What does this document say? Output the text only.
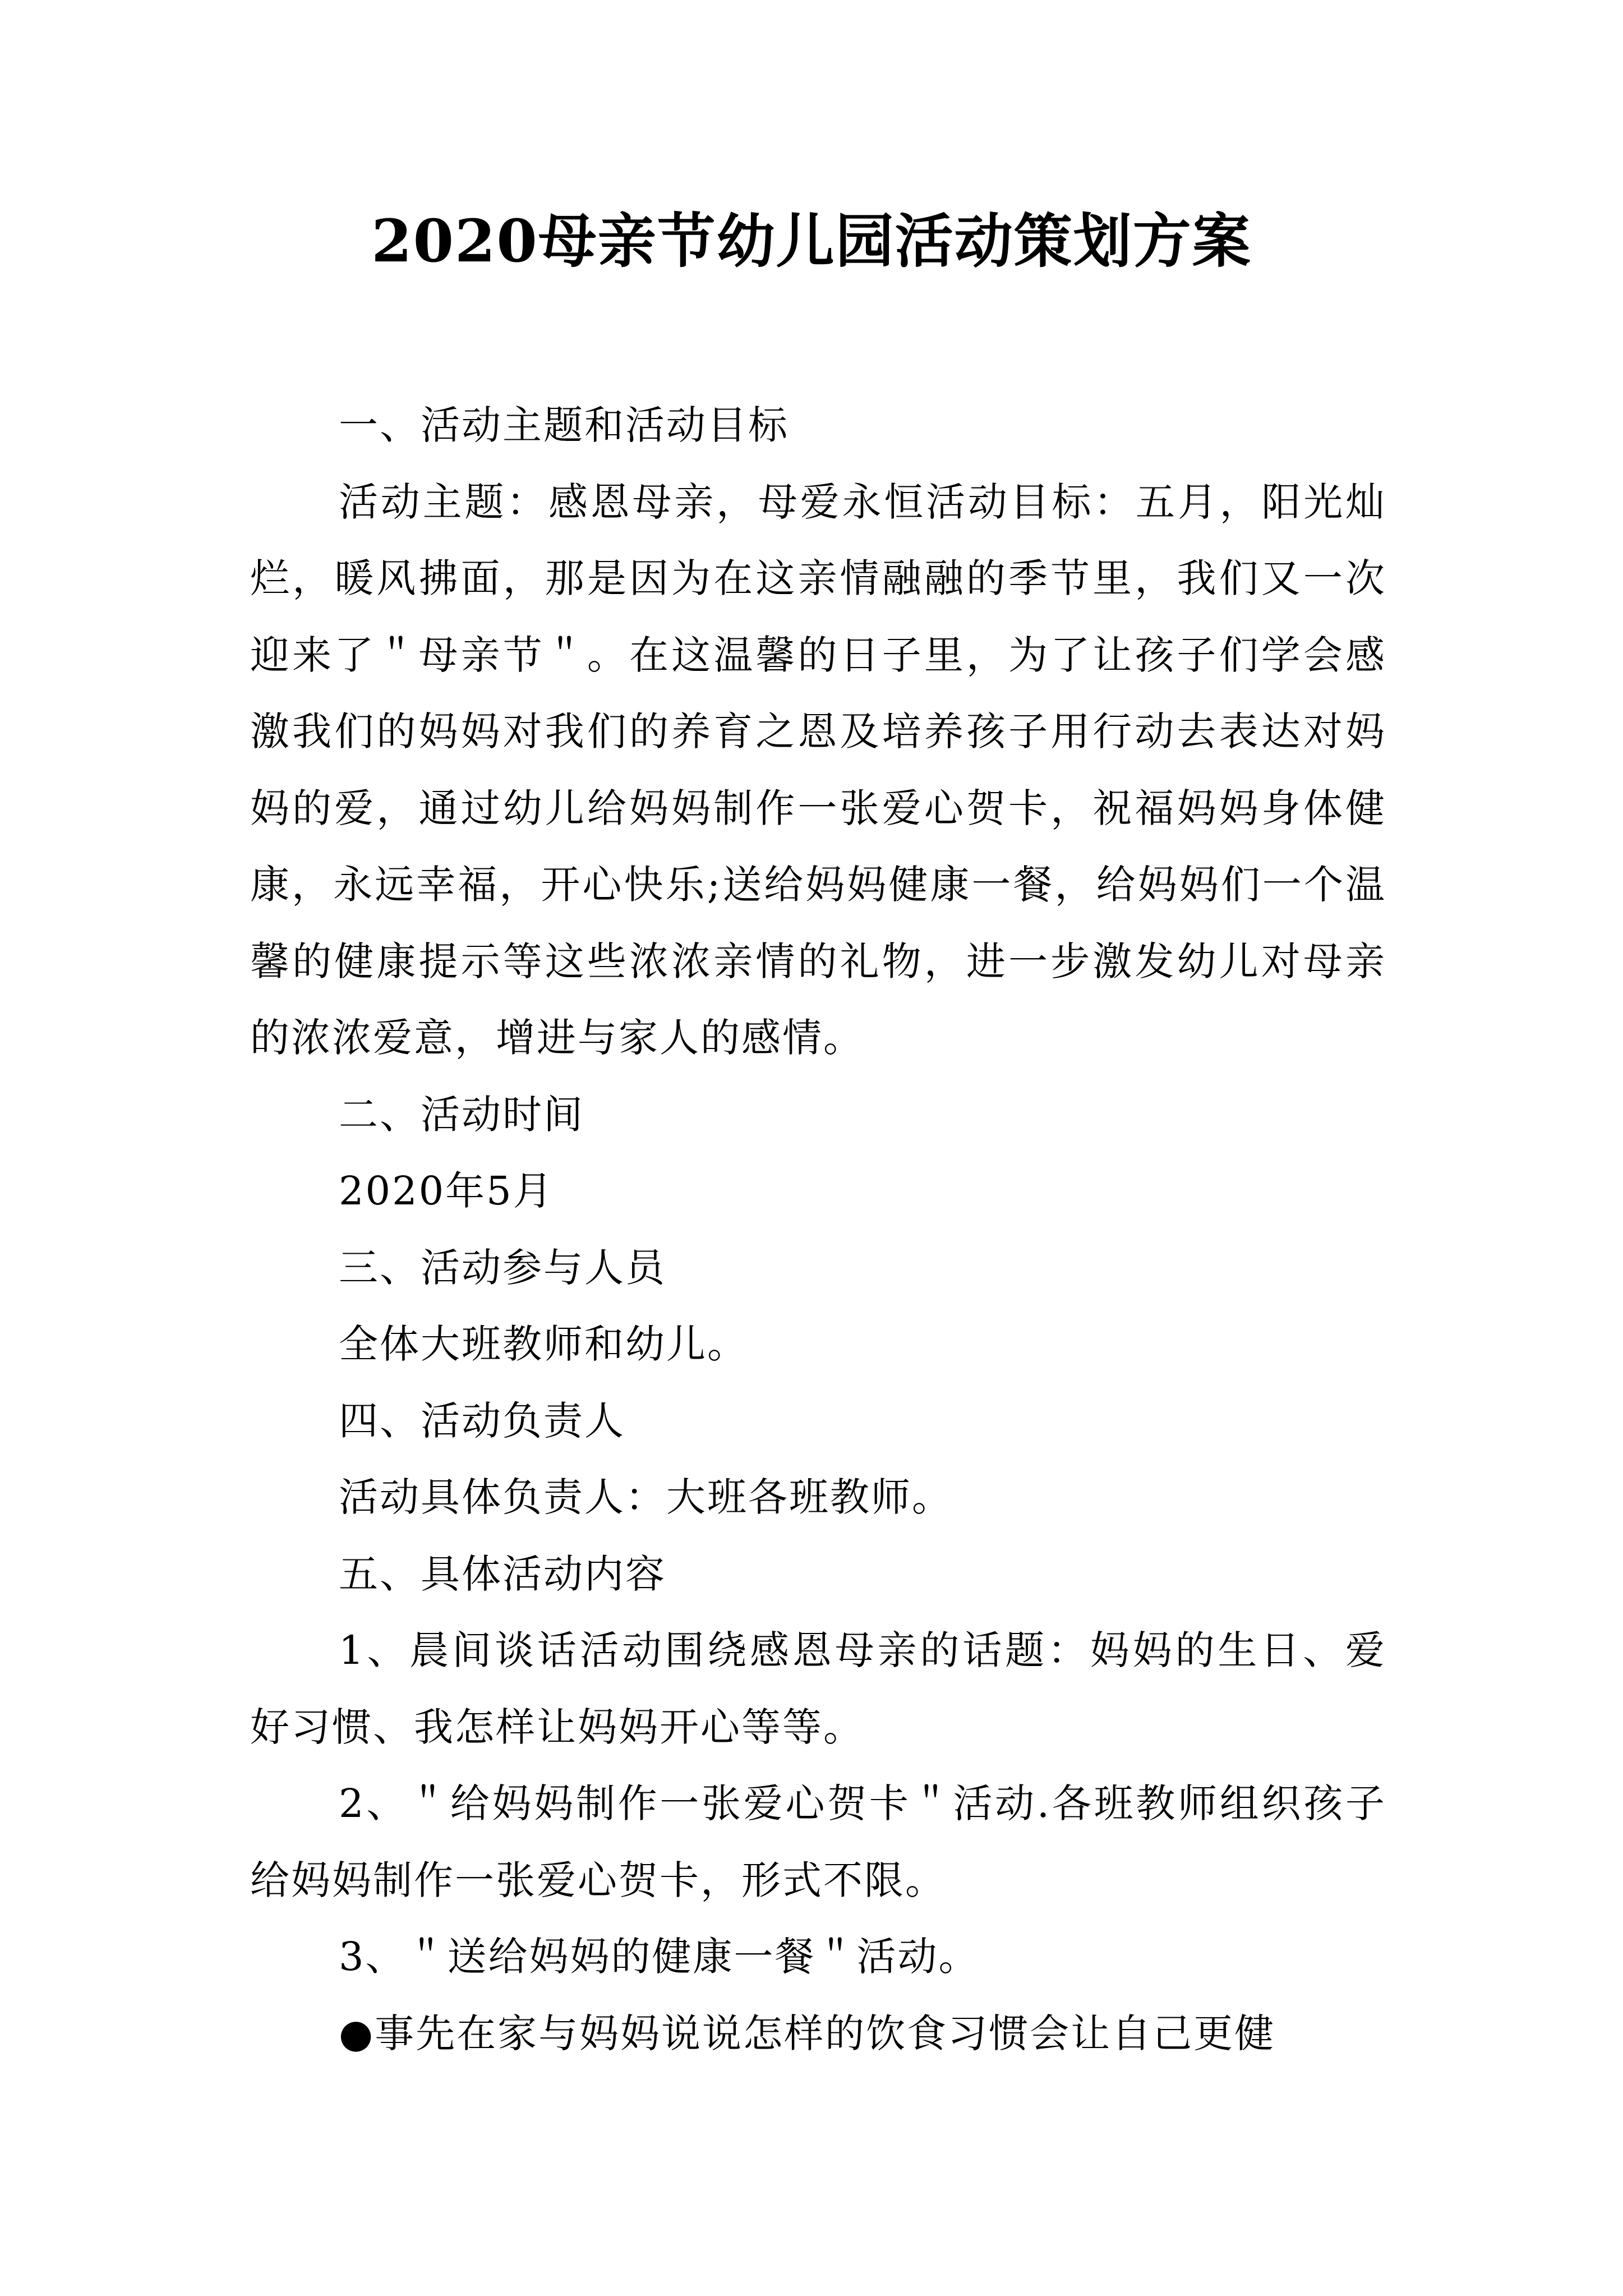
2020母亲节幼儿园活动策划方案

一、活动主题和活动目标

活动主题：感恩母亲，母爱永恒活动目标：五月，阳光灿烂，暖风拂面，那是因为在这亲情融融的季节里，我们又一次迎来了＂母亲节＂。在这温馨的日子里，为了让孩子们学会感激我们的妈妈对我们的养育之恩及培养孩子用行动去表达对妈妈的爱，通过幼儿给妈妈制作一张爱心贺卡，祝福妈妈身体健康，永远幸福，开心快乐;送给妈妈健康一餐，给妈妈们一个温馨的健康提示等这些浓浓亲情的礼物，进一步激发幼儿对母亲的浓浓爱意，增进与家人的感情。

二、活动时间

2020年5月

三、活动参与人员

全体大班教师和幼儿。

四、活动负责人

活动具体负责人：大班各班教师。

五、具体活动内容

1、晨间谈话活动围绕感恩母亲的话题：妈妈的生日、爱好习惯、我怎样让妈妈开心等等。

2、＂给妈妈制作一张爱心贺卡＂活动.各班教师组织孩子给妈妈制作一张爱心贺卡，形式不限。

3、＂送给妈妈的健康一餐＂活动。

●事先在家与妈妈说说怎样的饮食习惯会让自己更健
